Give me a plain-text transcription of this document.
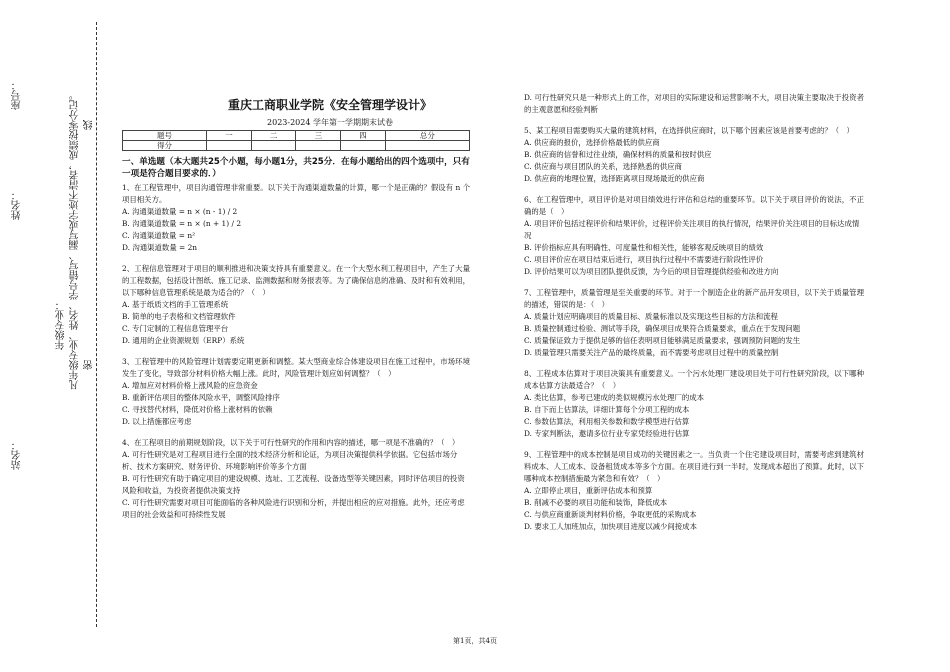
站名：
姓名：
座号：
年级专业： 凡年级专业、姓名、学号错写、漏写或字迹不清者，成绩按零分记。 密
线
重庆工商职业学院《安全管理学设计》
2023-2024 学年第一学期期末试卷
题号	一	二	三	四	总分
得分					
一、单选题（本大题共25个小题，每小题1分，共25分．在每小题给出的四个选项中，只有一项是符合题目要求的．）
1、在工程管理中，项目沟通管理非常重要。以下关于沟通渠道数量的计算，哪一个是正确的？假设有 n 个项目相关方。
A. 沟通渠道数量 = n × (n - 1) / 2
B. 沟通渠道数量 = n × (n + 1) / 2
C. 沟通渠道数量 = n²
D. 沟通渠道数量 = 2n
2、工程信息管理对于项目的顺利推进和决策支持具有重要意义。在一个大型水利工程项目中，产生了大量的工程数据，包括设计图纸、施工记录、监测数据和财务报表等。为了确保信息的准确、及时和有效利用，以下哪种信息管理系统是最为适合的？（　）
A. 基于纸质文档的手工管理系统
B. 简单的电子表格和文档管理软件
C. 专门定制的工程信息管理平台
D. 通用的企业资源规划（ERP）系统
3、工程管理中的风险管理计划需要定期更新和调整。某大型商业综合体建设项目在施工过程中，市场环境发生了变化，导致部分材料价格大幅上涨。此时，风险管理计划应如何调整？（　）
A. 增加应对材料价格上涨风险的应急资金
B. 重新评估项目的整体风险水平，调整风险排序
C. 寻找替代材料，降低对价格上涨材料的依赖
D. 以上措施都应考虑
4、在工程项目的前期规划阶段，以下关于可行性研究的作用和内容的描述，哪一项是不准确的？（　）
A. 可行性研究是对工程项目进行全面的技术经济分析和论证，为项目决策提供科学依据。它包括市场分析、技术方案研究、财务评价、环境影响评价等多个方面
B. 可行性研究有助于确定项目的建设规模、选址、工艺流程、设备选型等关键因素，同时评估项目的投资风险和收益，为投资者提供决策支持
C. 可行性研究需要对项目可能面临的各种风险进行识别和分析，并提出相应的应对措施。此外，还应考虑项目的社会效益和可持续性发展
D. 可行性研究只是一种形式上的工作，对项目的实际建设和运营影响不大，项目决策主要取决于投资者的主观意愿和经验判断
5、某工程项目需要购买大量的建筑材料，在选择供应商时，以下哪个因素应该是首要考虑的？（　）
A. 供应商的报价，选择价格最低的供应商
B. 供应商的信誉和过往业绩，确保材料的质量和按时供应
C. 供应商与项目团队的关系，选择熟悉的供应商
D. 供应商的地理位置，选择距离项目现场最近的供应商
6、在工程管理中，项目评价是对项目绩效进行评估和总结的重要环节。以下关于项目评价的说法，不正确的是（　）
A. 项目评价包括过程评价和结果评价，过程评价关注项目的执行情况，结果评价关注项目的目标达成情况
B. 评价指标应具有明确性、可度量性和相关性，能够客观反映项目的绩效
C. 项目评价应在项目结束后进行，项目执行过程中不需要进行阶段性评价
D. 评价结果可以为项目团队提供反馈，为今后的项目管理提供经验和改进方向
7、工程管理中，质量管理是至关重要的环节。对于一个制造企业的新产品开发项目，以下关于质量管理的描述，错误的是：（　）
A. 质量计划应明确项目的质量目标、质量标准以及实现这些目标的方法和流程
B. 质量控制通过检验、测试等手段，确保项目成果符合质量要求，重点在于发现问题
C. 质量保证致力于提供足够的信任表明项目能够满足质量要求，强调预防问题的发生
D. 质量管理只需要关注产品的最终质量，而不需要考虑项目过程中的质量控制
8、工程成本估算对于项目决策具有重要意义。一个污水处理厂建设项目处于可行性研究阶段，以下哪种成本估算方法最适合？（　）
A. 类比估算，参考已建成的类似规模污水处理厂的成本
B. 自下而上估算法，详细计算每个分项工程的成本
C. 参数估算法，利用相关参数和数学模型进行估算
D. 专家判断法，邀请多位行业专家凭经验进行估算
9、工程管理中的成本控制是项目成功的关键因素之一。当负责一个住宅建设项目时，需要考虑到建筑材料成本、人工成本、设备租赁成本等多个方面。在项目进行到一半时，发现成本超出了预算。此时，以下哪种成本控制措施最为紧急和有效？（　）
A. 立即停止项目，重新评估成本和预算
B. 削减不必要的项目功能和装饰，降低成本
C. 与供应商重新谈判材料价格，争取更低的采购成本
D. 要求工人加班加点，加快项目进度以减少间接成本
第1页，共4页
